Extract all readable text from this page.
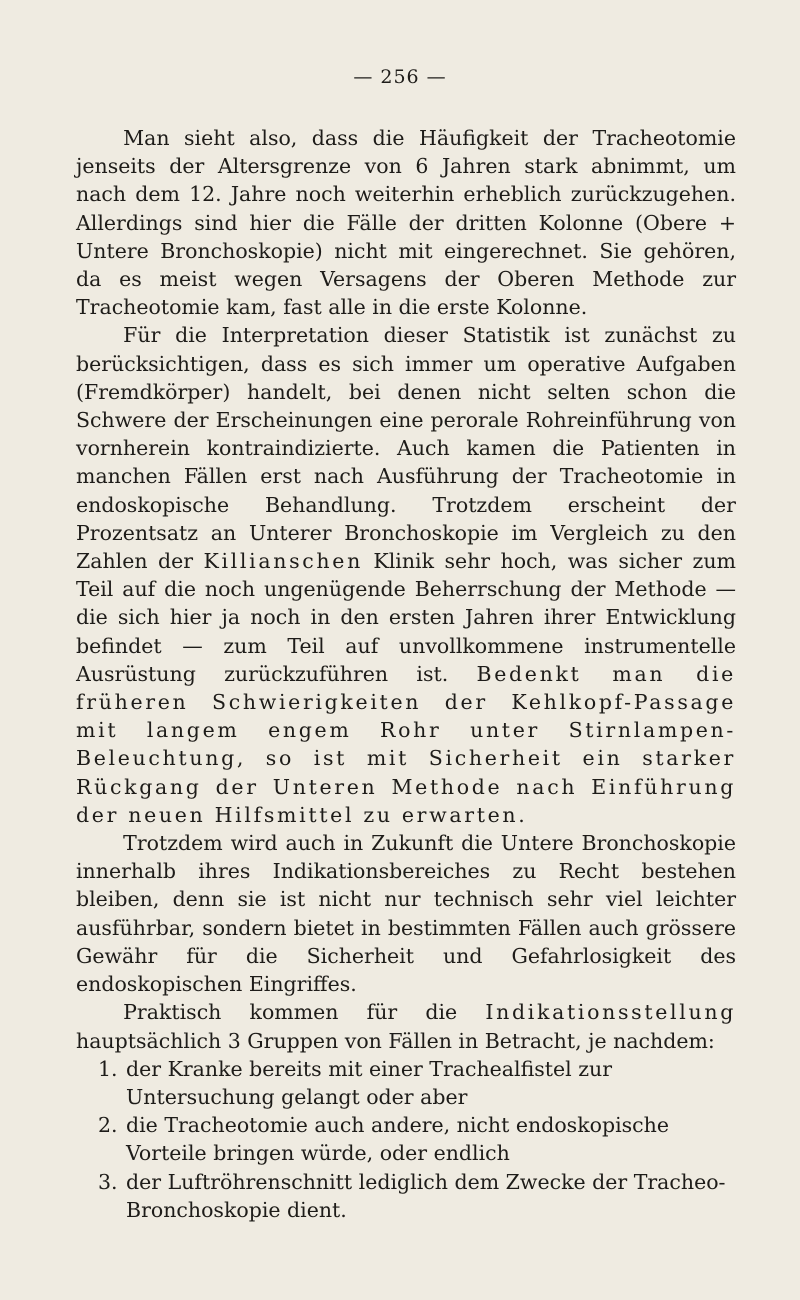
— 256 —

Man sieht also, dass die Häufigkeit der Tracheotomie jenseits der Altersgrenze von 6 Jahren stark abnimmt, um nach dem 12. Jahre noch weiterhin erheblich zurückzugehen. Allerdings sind hier die Fälle der dritten Kolonne (Obere + Untere Bronchoskopie) nicht mit eingerechnet. Sie gehören, da es meist wegen Versagens der Oberen Methode zur Tracheotomie kam, fast alle in die erste Kolonne.

Für die Interpretation dieser Statistik ist zunächst zu berücksichtigen, dass es sich immer um operative Aufgaben (Fremdkörper) handelt, bei denen nicht selten schon die Schwere der Erscheinungen eine perorale Rohreinführung von vornherein kontraindizierte. Auch kamen die Patienten in manchen Fällen erst nach Ausführung der Tracheotomie in endoskopische Behandlung. Trotzdem erscheint der Prozentsatz an Unterer Bronchoskopie im Vergleich zu den Zahlen der Killianschen Klinik sehr hoch, was sicher zum Teil auf die noch ungenügende Beherrschung der Methode — die sich hier ja noch in den ersten Jahren ihrer Entwicklung befindet — zum Teil auf unvollkommene instrumentelle Ausrüstung zurückzuführen ist. Bedenkt man die früheren Schwierigkeiten der Kehlkopf-Passage mit langem engem Rohr unter Stirnlampen-Beleuchtung, so ist mit Sicherheit ein starker Rückgang der Unteren Methode nach Einführung der neuen Hilfsmittel zu erwarten.

Trotzdem wird auch in Zukunft die Untere Bronchoskopie innerhalb ihres Indikationsbereiches zu Recht bestehen bleiben, denn sie ist nicht nur technisch sehr viel leichter ausführbar, sondern bietet in bestimmten Fällen auch grössere Gewähr für die Sicherheit und Gefahrlosigkeit des endoskopischen Eingriffes.

Praktisch kommen für die Indikationsstellung hauptsächlich 3 Gruppen von Fällen in Betracht, je nachdem:

1. der Kranke bereits mit einer Trachealfistel zur Untersuchung gelangt oder aber
2. die Tracheotomie auch andere, nicht endoskopische Vorteile bringen würde, oder endlich
3. der Luftröhrenschnitt lediglich dem Zwecke der Tracheo-Bronchoskopie dient.
